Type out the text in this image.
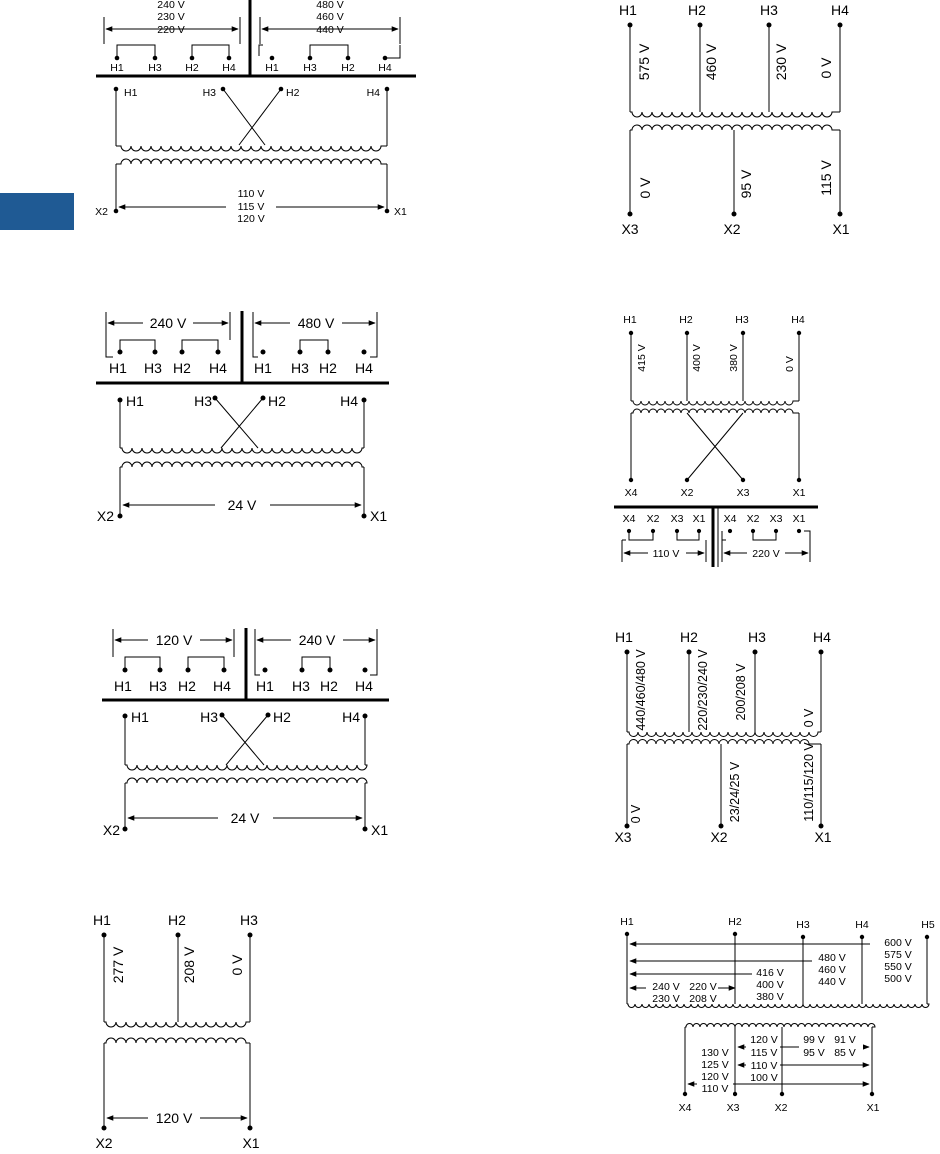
240 V
230 V
220 V
H1 H3 H2 H4
480 V
460 V
440 V
H1 H3 H2 H4
H1	H3	H2	H4
110 V
115 V
120 V
X2	X1
240 V
H1 H3 H2 H4
480 V
H1 H3 H2 H4
H1	H3	H2	H4
24 V
X2	X1
120 V
H1 H3 H2 H4
240 V
H1 H3 H2 H4
H1	H3	H2	H4
24 V
X2	X1
H1	H2	H3
277 V	208 V 0 V
120 V
X2	X1
H1	H2	H3	H4
575 V	460 V	230 V 0 V
0 V	95 V	115 V
X3	X2	X1
H1	H2	H3	H4
415 V	400 V 380 V	0 V
X4	X2	X3	X1
X4 X2 X3 X1 X4 X2 X3 X1
110 V	220 V
H1	H2	H3	H4
440/460/480 V	220/230/240 V 200/208 V	0 V
0 V	23/24/25 V	110/115/120 V
X3	X2	X1
H1	H2	H3	H4	H5
600 V
575 V
550 V
500 V
480 V
460 V
440 V
416 V
400 V
380 V
240 V
230 V
220 V
208 V
120 V
115 V
110 V
100 V
99 V
95 V
91 V
85 V
130 V
125 V
120 V
110 V
X4	X3	X2	X1
